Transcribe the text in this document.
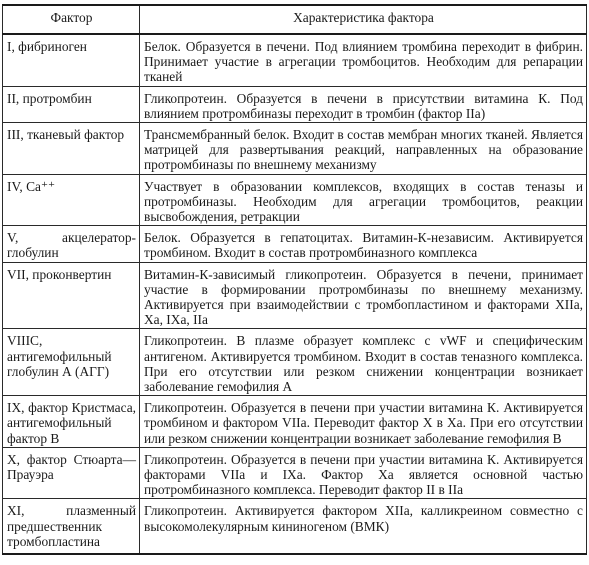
Фактор	Характеристика фактора
I, фибриноген	Белок. Образуется в печени. Под влиянием тромбина переходит в фибрин. Принимает участие в агрегации тромбоцитов. Необходим для репарации тканей
II, протромбин	Гликопротеин. Образуется в печени в присутствии витамина К. Под влиянием протромбиназы переходит в тромбин (фактор IIa)
III, тканевый фактор	Трансмембранный белок. Входит в состав мембран многих тканей. Является матрицей для развертывания реакций, направленных на образование протромбиназы по внешнему механизму
IV, Ca⁺⁺	Участвует в образовании комплексов, входящих в состав теназы и протромбиназы. Необходим для агрегации тромбоцитов, реакции высвобождения, ретракции
V, акцелератор-глобулин	Белок. Образуется в гепатоцитах. Витамин-К-независим. Активируется тромбином. Входит в состав протромбиназного комплекса
VII, проконвертин	Витамин-К-зависимый гликопротеин. Образуется в печени, принимает участие в формировании протромбиназы по внешнему механизму. Активируется при взаимодействии с тромбопластином и факторами XIIa, Xa, IXa, IIa
VIIIC, антигемофильный глобулин А (АГГ)	Гликопротеин. В плазме образует комплекс с vWF и специфическим антигеном. Активируется тромбином. Входит в состав теназного комплекса. При его отсутствии или резком снижении концентрации возникает заболевание гемофилия А
IX, фактор Кристмаса, антигемофильный фактор В	Гликопротеин. Образуется в печени при участии витамина К. Активируется тромбином и фактором VIIa. Переводит фактор X в Xa. При его отсутствии или резком снижении концентрации возникает заболевание гемофилия В
X, фактор Стюарта—Прауэра	Гликопротеин. Образуется в печени при участии витамина К. Активируется факторами VIIa и IXa. Фактор Xa является основной частью протромбиназного комплекса. Переводит фактор II в IIa
XI, плазменный предшественник тромбопластина	Гликопротеин. Активируется фактором XIIa, калликреином совместно с высокомолекулярным кининогеном (ВМК)
